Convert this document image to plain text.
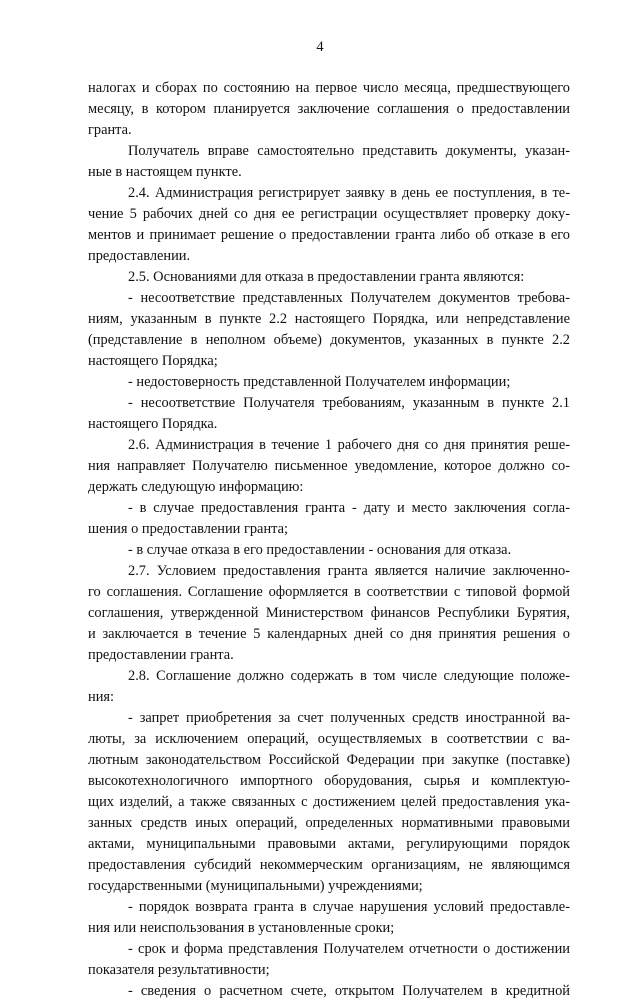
4
налогах и сборах по состоянию на первое число месяца, предшествующего
месяцу, в котором планируется заключение соглашения о предоставлении
гранта.
Получатель вправе самостоятельно представить документы, указан-
ные в настоящем пункте.
2.4. Администрация регистрирует заявку в день ее поступления, в те-
чение 5 рабочих дней со дня ее регистрации осуществляет проверку доку-
ментов и принимает решение о предоставлении гранта либо об отказе в его
предоставлении.
2.5. Основаниями для отказа в предоставлении гранта являются:
- несоответствие представленных Получателем документов требова-
ниям, указанным в пункте 2.2 настоящего Порядка, или непредставление
(представление в неполном объеме) документов, указанных в пункте 2.2
настоящего Порядка;
- недостоверность представленной Получателем информации;
- несоответствие Получателя требованиям, указанным в пункте 2.1
настоящего Порядка.
2.6. Администрация в течение 1 рабочего дня со дня принятия реше-
ния направляет Получателю письменное уведомление, которое должно со-
держать следующую информацию:
- в случае предоставления гранта - дату и место заключения согла-
шения о предоставлении гранта;
- в случае отказа в его предоставлении - основания для отказа.
2.7. Условием предоставления гранта является наличие заключенно-
го соглашения. Соглашение оформляется в соответствии с типовой формой
соглашения, утвержденной Министерством финансов Республики Бурятия,
и заключается в течение 5 календарных дней со дня принятия решения о
предоставлении гранта.
2.8. Соглашение должно содержать в том числе следующие положе-
ния:
- запрет приобретения за счет полученных средств иностранной ва-
люты, за исключением операций, осуществляемых в соответствии с ва-
лютным законодательством Российской Федерации при закупке (поставке)
высокотехнологичного импортного оборудования, сырья и комплектую-
щих изделий, а также связанных с достижением целей предоставления ука-
занных средств иных операций, определенных нормативными правовыми
актами, муниципальными правовыми актами, регулирующими порядок
предоставления субсидий некоммерческим организациям, не являющимся
государственными (муниципальными) учреждениями;
- порядок возврата гранта в случае нарушения условий предоставле-
ния или неиспользования в установленные сроки;
- срок и форма представления Получателем отчетности о достижении
показателя результативности;
- сведения о расчетном счете, открытом Получателем в кредитной
